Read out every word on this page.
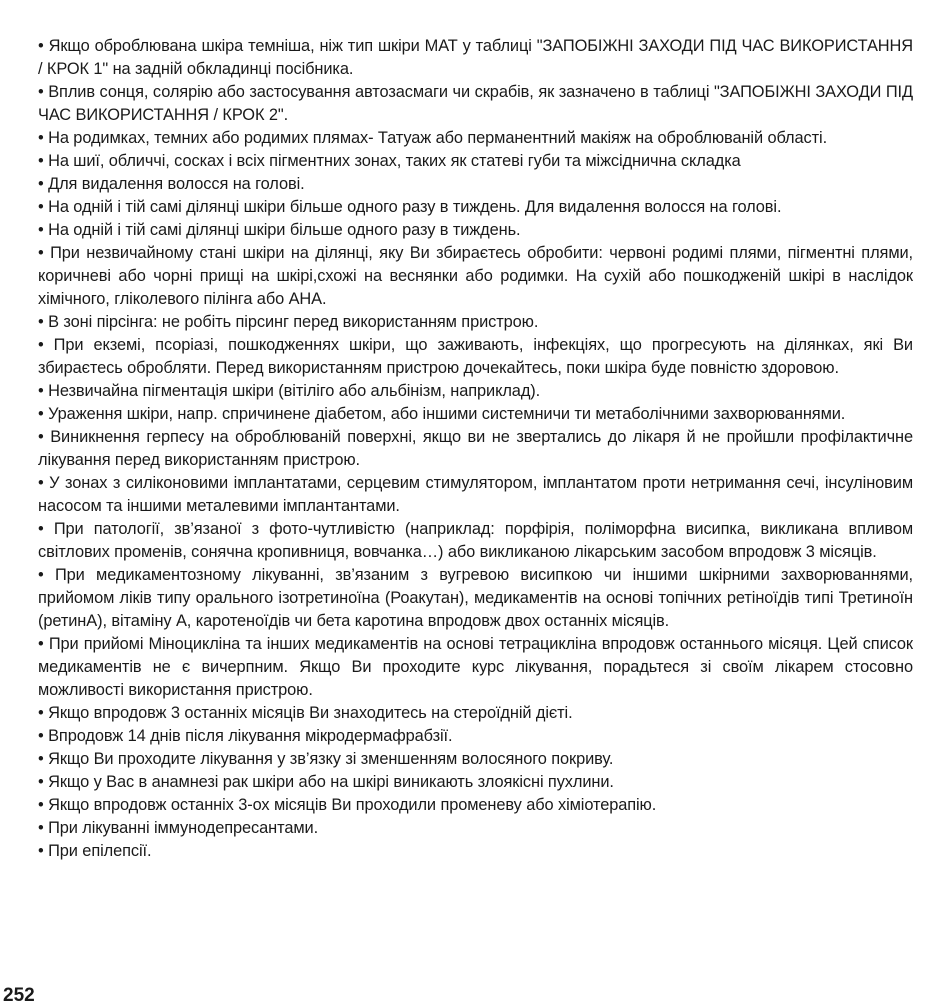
• Якщо оброблювана шкіра темніша, ніж тип шкіри МАТ у таблиці "ЗАПОБІЖНІ ЗАХОДИ ПІД ЧАС ВИКОРИСТАННЯ / КРОК 1" на задній обкладинці посібника.

• Вплив сонця, солярію або застосування автозасмаги чи скрабів, як зазначено в таблиці "ЗАПОБІЖНІ ЗАХОДИ ПІД ЧАС ВИКОРИСТАННЯ / КРОК 2".

• На родимках, темних або родимих плямах- Татуаж або перманентний макіяж на оброблюваній області.

• На шиї, обличчі, сосках і всіх пігментних зонах, таких як статеві губи та міжсіднична складка

• Для видалення волосся на голові.

• На одній і тій самі ділянці шкіри більше одного разу в тиждень. Для видалення волосся на голові.

• На одній і тій самі ділянці шкіри більше одного разу в тиждень.

• При незвичайному стані шкіри на ділянці, яку Ви збираєтесь обробити: червоні родимі плями, пігментні плями, коричневі або чорні прищі на шкірі,схожі на веснянки або родимки. На сухій або пошкодженій шкірі в наслідок хімічного, гліколевого пілінга або АНА.

• В зоні пірсінга: не робіть пірсинг перед використанням пристрою.

• При екземі, псоріазі, пошкодженнях шкіри, що заживають, інфекціях, що прогресують на ділянках, які Ви збираєтесь обробляти. Перед використанням пристрою дочекайтесь, поки шкіра буде повністю здоровою.

• Незвичайна пігментація шкіри (вітіліго або альбінізм, наприклад).

• Ураження шкіри, напр. спричинене діабетом, або іншими системничи ти метаболічними захворюваннями.

• Виникнення герпесу на оброблюваній поверхні, якщо ви не звертались до лікаря й не пройшли профілактичне лікування перед використанням пристрою.

• У зонах з силіконовими імплантатами, серцевим стимулятором, імплантатом проти нетримання сечі, інсуліновим насосом та іншими металевими імплантантами.

• При патології, зв’язаної з фото-чутливістю (наприклад: порфірія, поліморфна висипка, викликана впливом світлових променів, сонячна кропивниця, вовчанка…) або викликаною лікарським засобом впродовж 3 місяців.

• При медикаментозному лікуванні, зв’язаним з вугревою висипкою чи іншими шкірними захворюваннями, прийомом ліків типу орального ізотретиноїна (Роакутан), медикаментів на основі топічних ретіноїдів типі Третиноїн (ретинА), вітаміну А, каротеноїдів чи бета каротина впродовж двох останніх місяців.

• При прийомі Міноцикліна та інших медикаментів на основі тетрацикліна впродовж останнього місяця. Цей список медикаментів не є вичерпним. Якщо Ви проходите курс лікування, порадьтеся зі своїм лікарем стосовно можливості використання пристрою.

• Якщо впродовж 3 останніх місяців Ви знаходитесь на стероїдній дієті.

• Впродовж 14 днів після лікування мікродермафрабзії.

• Якщо Ви проходите лікування у зв’язку зі зменшенням волосяного покриву.

• Якщо у Вас в анамнезі рак шкіри або на шкірі виникають злоякісні пухлини.

• Якщо впродовж останніх 3-ох місяців Ви проходили променеву або хіміотерапію.

• При лікуванні іммунодепресантами.

• При епілепсії.

252
